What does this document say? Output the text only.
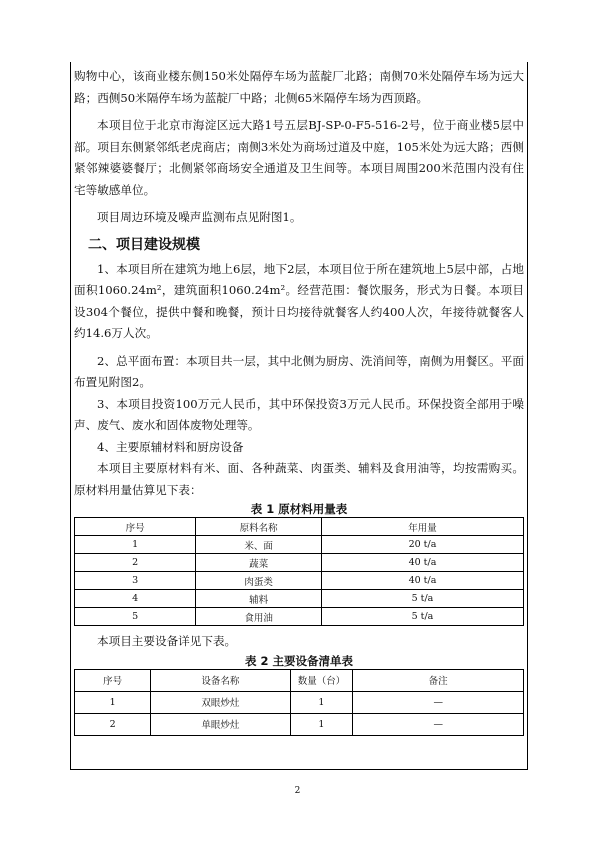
购物中心，该商业楼东侧150米处隔停车场为蓝靛厂北路；南侧70米处隔停车场为远大路；西侧50米隔停车场为蓝靛厂中路；北侧65米隔停车场为西顶路。

本项目位于北京市海淀区远大路1号五层BJ-SP-0-F5-516-2号，位于商业楼5层中部。项目东侧紧邻纸老虎商店；南侧3米处为商场过道及中庭，105米处为远大路；西侧紧邻辣婆婆餐厅；北侧紧邻商场安全通道及卫生间等。本项目周围200米范围内没有住宅等敏感单位。

项目周边环境及噪声监测布点见附图1。

二、项目建设规模

1、本项目所在建筑为地上6层，地下2层，本项目位于所在建筑地上5层中部，占地面积1060.24m²，建筑面积1060.24m²。经营范围：餐饮服务，形式为日餐。本项目设304个餐位，提供中餐和晚餐，预计日均接待就餐客人约400人次，年接待就餐客人约14.6万人次。

2、总平面布置：本项目共一层，其中北侧为厨房、洗消间等，南侧为用餐区。平面布置见附图2。

3、本项目投资100万元人民币，其中环保投资3万元人民币。环保投资全部用于噪声、废气、废水和固体废物处理等。

4、主要原辅材料和厨房设备

本项目主要原材料有米、面、各种蔬菜、肉蛋类、辅料及食用油等，均按需购买。原材料用量估算见下表：

表 1 原材料用量表
序号	原料名称	年用量
1	米、面	20 t/a
2	蔬菜	40 t/a
3	肉蛋类	40 t/a
4	辅料	5 t/a
5	食用油	5 t/a

本项目主要设备详见下表。

表 2 主要设备清单表
序号	设备名称	数量（台）	备注
1	双眼炒灶	1	—
2	单眼炒灶	1	—
2
